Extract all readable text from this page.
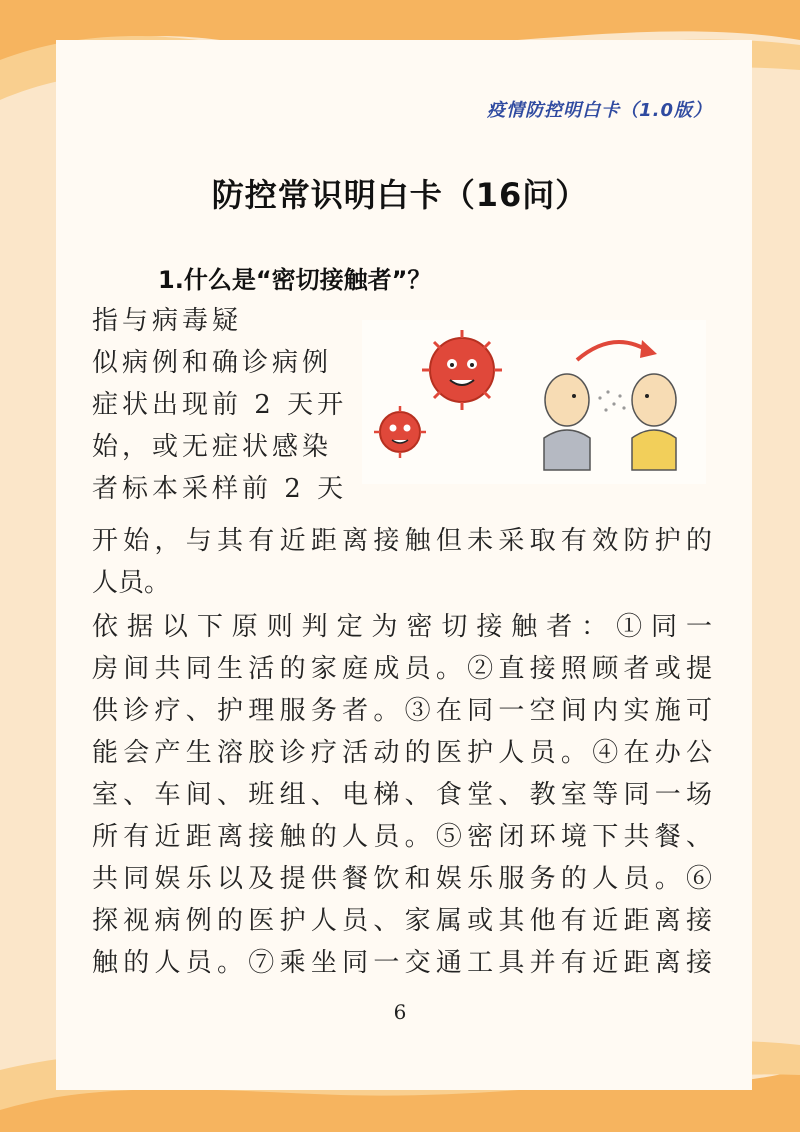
疫情防控明白卡（1.0版）
防控常识明白卡（16问）
1.什么是“密切接触者”？
指与病毒疑
似病例和确诊病例
症状出现前 2 天开
始，或无症状感染
者标本采样前 2 天
开始，与其有近距离接触但未采取有效防护的
人员。
依据以下原则判定为密切接触者：①同一
房间共同生活的家庭成员。②直接照顾者或提
供诊疗、护理服务者。③在同一空间内实施可
能会产生溶胶诊疗活动的医护人员。④在办公
室、车间、班组、电梯、食堂、教室等同一场
所有近距离接触的人员。⑤密闭环境下共餐、
共同娱乐以及提供餐饮和娱乐服务的人员。⑥
探视病例的医护人员、家属或其他有近距离接
触的人员。⑦乘坐同一交通工具并有近距离接
6
